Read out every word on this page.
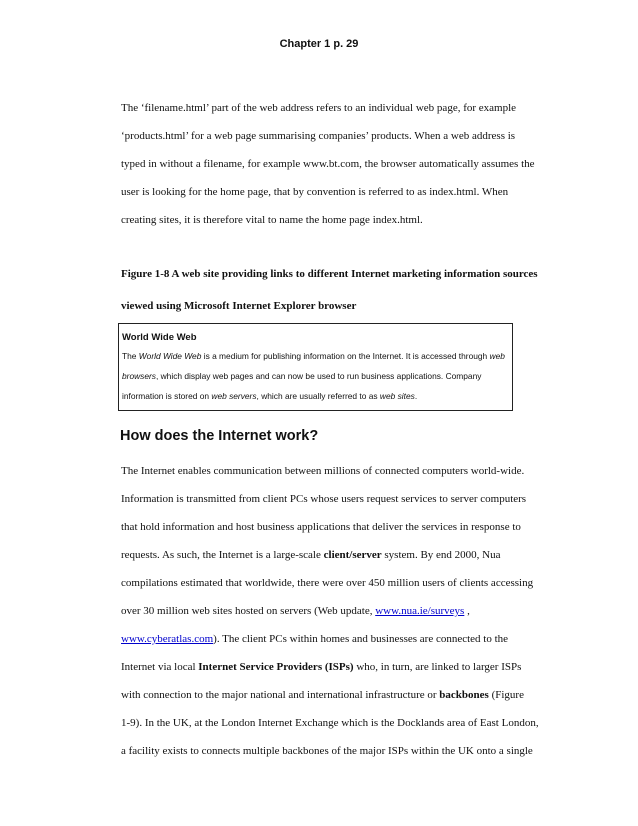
Chapter 1 p. 29
The ‘filename.html’ part of the web address refers to an individual web page, for example
‘products.html’ for a web page summarising companies’ products. When a web address is
typed in without a filename, for example www.bt.com, the browser automatically assumes the
user is looking for the home page, that by convention is referred to as index.html. When
creating sites, it is therefore vital to name the home page index.html.
Figure 1-8 A web site providing links to different Internet marketing information sources
viewed using Microsoft Internet Explorer browser
World Wide Web
The World Wide Web is a medium for publishing information on the Internet. It is accessed through web
browsers, which display web pages and can now be used to run business applications. Company
information is stored on web servers, which are usually referred to as web sites.
How does the Internet work?
The Internet enables communication between millions of connected computers world-wide.
Information is transmitted from client PCs whose users request services to server computers
that hold information and host business applications that deliver the services in response to
requests. As such, the Internet is a large-scale client/server system. By end 2000, Nua
compilations estimated that worldwide, there were over 450 million users of clients accessing
over 30 million web sites hosted on servers (Web update, www.nua.ie/surveys ,
www.cyberatlas.com). The client PCs within homes and businesses are connected to the
Internet via local Internet Service Providers (ISPs) who, in turn, are linked to larger ISPs
with connection to the major national and international infrastructure or backbones (Figure
1-9). In the UK, at the London Internet Exchange which is the Docklands area of East London,
a facility exists to connects multiple backbones of the major ISPs within the UK onto a single
